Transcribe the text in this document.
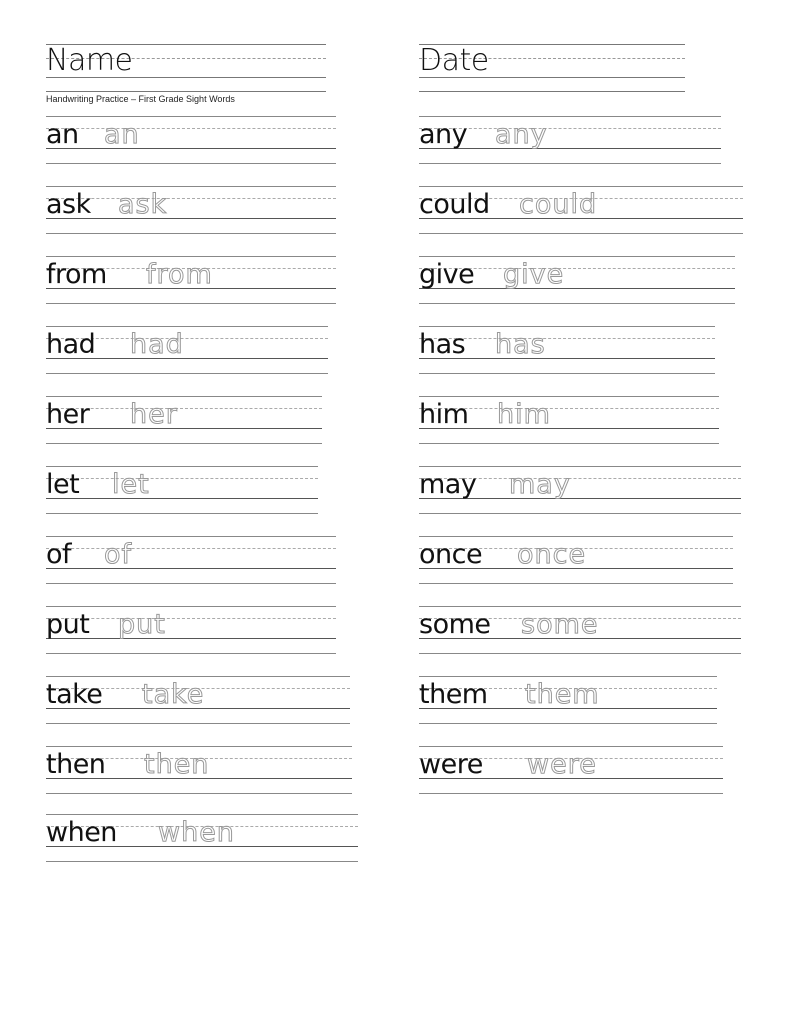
Name	Date
Handwriting Practice – First Grade Sight Words
an an
ask ask
from from
had had
her her
let let
of of
put put
take take
then then
when when
any any
could could
give give
has has
him him
may may
once once
some some
them them
were were
